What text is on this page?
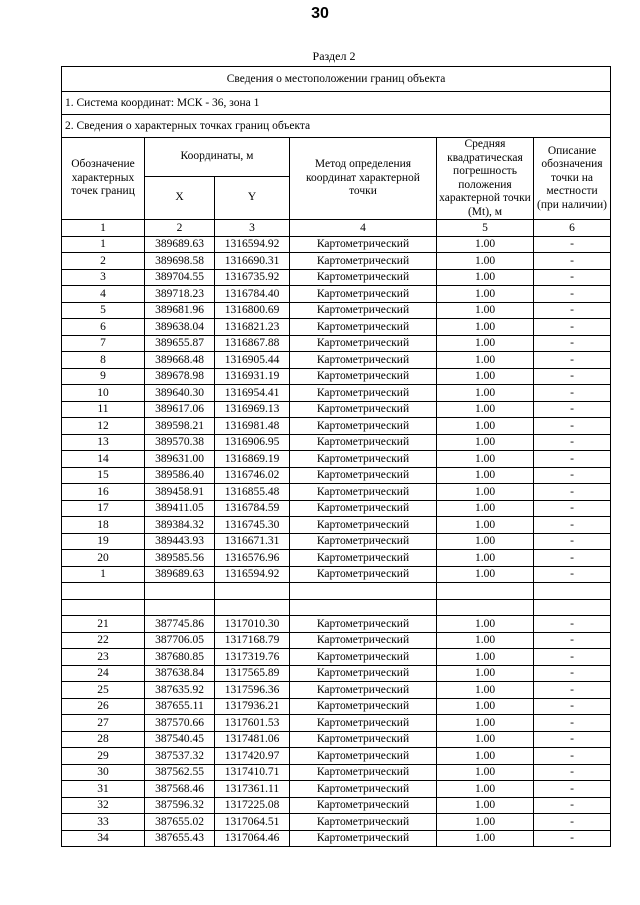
30
Раздел 2
Сведения о местоположении границ объекта					
1. Система координат: МСК - 36, зона 1					
2. Сведения о характерных точках границ объекта					
Обозначение характерных точек границ	Координаты, м		Метод определения координат характерной точки	Средняя квадратическая погрешность положения характерной точки (Mt), м	Описание обозначения точки на местности (при наличии)
	X	Y			
1	2	3	4	5	6
1	389689.63	1316594.92	Картометрический	1.00	-
2	389698.58	1316690.31	Картометрический	1.00	-
3	389704.55	1316735.92	Картометрический	1.00	-
4	389718.23	1316784.40	Картометрический	1.00	-
5	389681.96	1316800.69	Картометрический	1.00	-
6	389638.04	1316821.23	Картометрический	1.00	-
7	389655.87	1316867.88	Картометрический	1.00	-
8	389668.48	1316905.44	Картометрический	1.00	-
9	389678.98	1316931.19	Картометрический	1.00	-
10	389640.30	1316954.41	Картометрический	1.00	-
11	389617.06	1316969.13	Картометрический	1.00	-
12	389598.21	1316981.48	Картометрический	1.00	-
13	389570.38	1316906.95	Картометрический	1.00	-
14	389631.00	1316869.19	Картометрический	1.00	-
15	389586.40	1316746.02	Картометрический	1.00	-
16	389458.91	1316855.48	Картометрический	1.00	-
17	389411.05	1316784.59	Картометрический	1.00	-
18	389384.32	1316745.30	Картометрический	1.00	-
19	389443.93	1316671.31	Картометрический	1.00	-
20	389585.56	1316576.96	Картометрический	1.00	-
1	389689.63	1316594.92	Картометрический	1.00	-

21	387745.86	1317010.30	Картометрический	1.00	-
22	387706.05	1317168.79	Картометрический	1.00	-
23	387680.85	1317319.76	Картометрический	1.00	-
24	387638.84	1317565.89	Картометрический	1.00	-
25	387635.92	1317596.36	Картометрический	1.00	-
26	387655.11	1317936.21	Картометрический	1.00	-
27	387570.66	1317601.53	Картометрический	1.00	-
28	387540.45	1317481.06	Картометрический	1.00	-
29	387537.32	1317420.97	Картометрический	1.00	-
30	387562.55	1317410.71	Картометрический	1.00	-
31	387568.46	1317361.11	Картометрический	1.00	-
32	387596.32	1317225.08	Картометрический	1.00	-
33	387655.02	1317064.51	Картометрический	1.00	-
34	387655.43	1317064.46	Картометрический	1.00	-
